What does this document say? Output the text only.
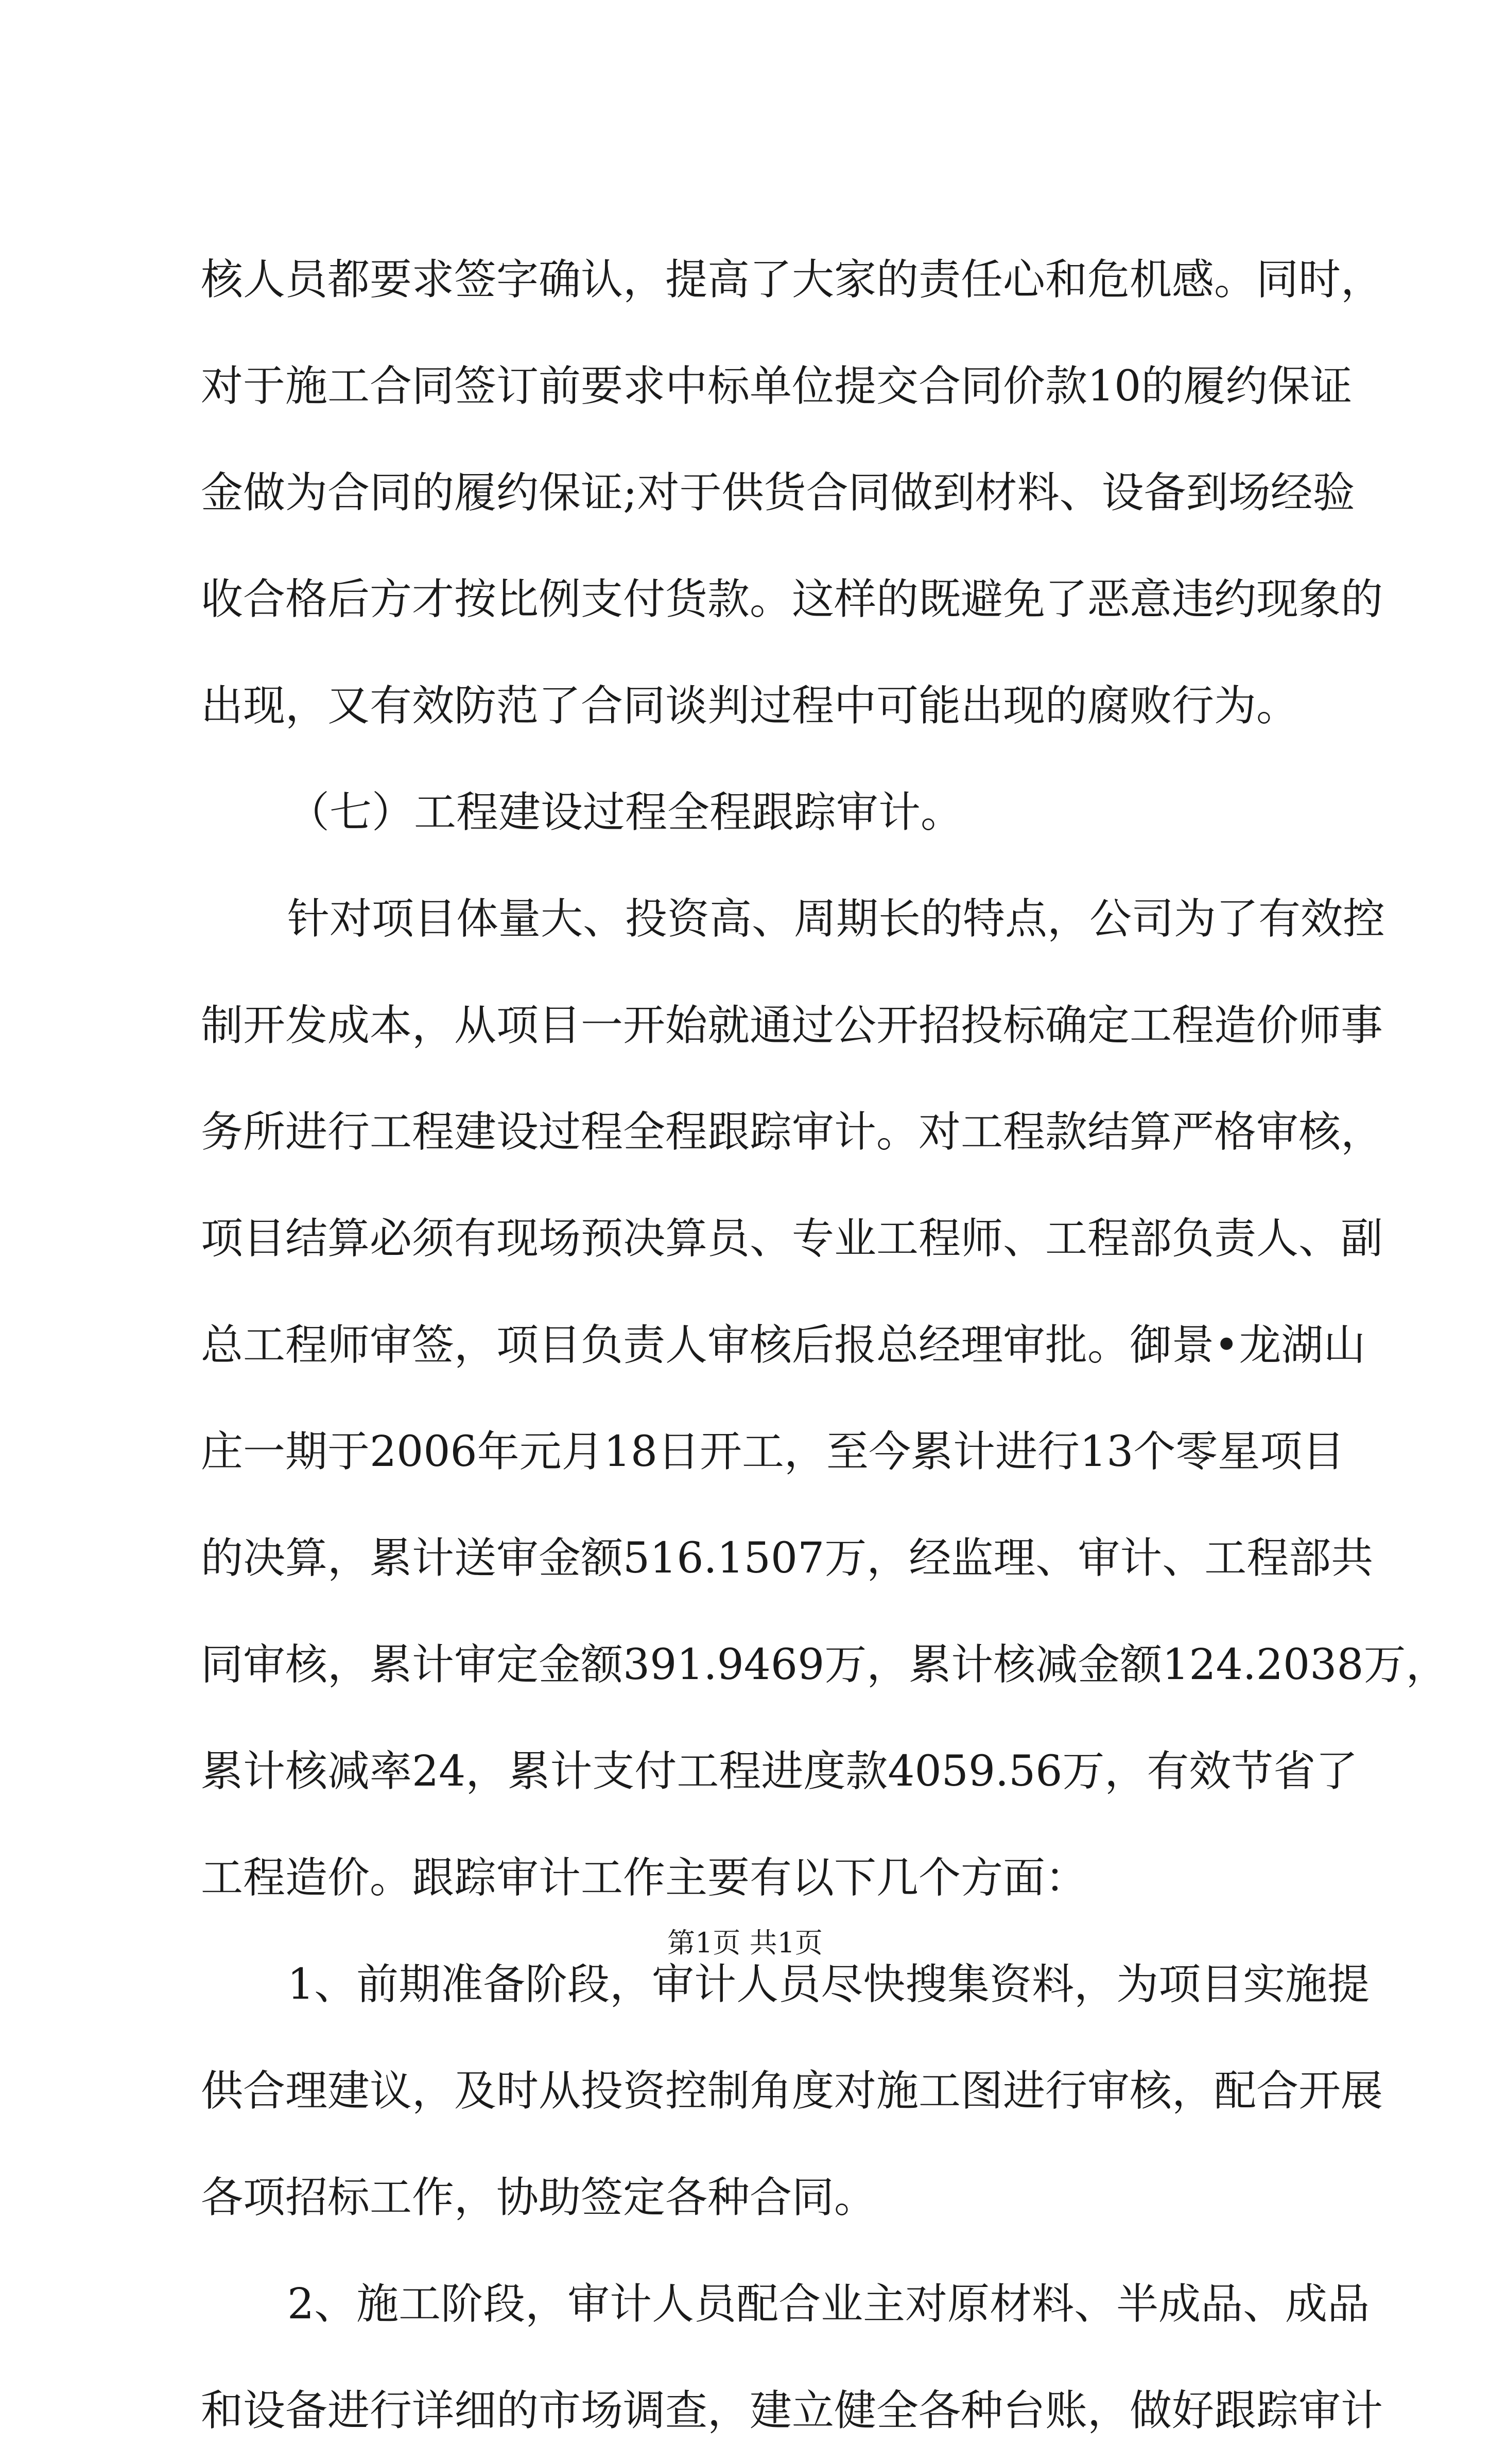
核人员都要求签字确认，提高了大家的责任心和危机感。同时，
对于施工合同签订前要求中标单位提交合同价款10的履约保证
金做为合同的履约保证;对于供货合同做到材料、设备到场经验
收合格后方才按比例支付货款。这样的既避免了恶意违约现象的
出现，又有效防范了合同谈判过程中可能出现的腐败行为。
（七）工程建设过程全程跟踪审计。
针对项目体量大、投资高、周期长的特点，公司为了有效控
制开发成本，从项目一开始就通过公开招投标确定工程造价师事
务所进行工程建设过程全程跟踪审计。对工程款结算严格审核，
项目结算必须有现场预决算员、专业工程师、工程部负责人、副
总工程师审签，项目负责人审核后报总经理审批。御景•龙湖山
庄一期于2006年元月18日开工，至今累计进行13个零星项目
的决算，累计送审金额516.1507万，经监理、审计、工程部共
同审核，累计审定金额391.9469万，累计核减金额124.2038万，
累计核减率24，累计支付工程进度款4059.56万，有效节省了
工程造价。跟踪审计工作主要有以下几个方面：
1、前期准备阶段，审计人员尽快搜集资料，为项目实施提
供合理建议，及时从投资控制角度对施工图进行审核，配合开展
各项招标工作，协助签定各种合同。
2、施工阶段，审计人员配合业主对原材料、半成品、成品
和设备进行详细的市场调查，建立健全各种台账，做好跟踪审计
第1页 共1页
